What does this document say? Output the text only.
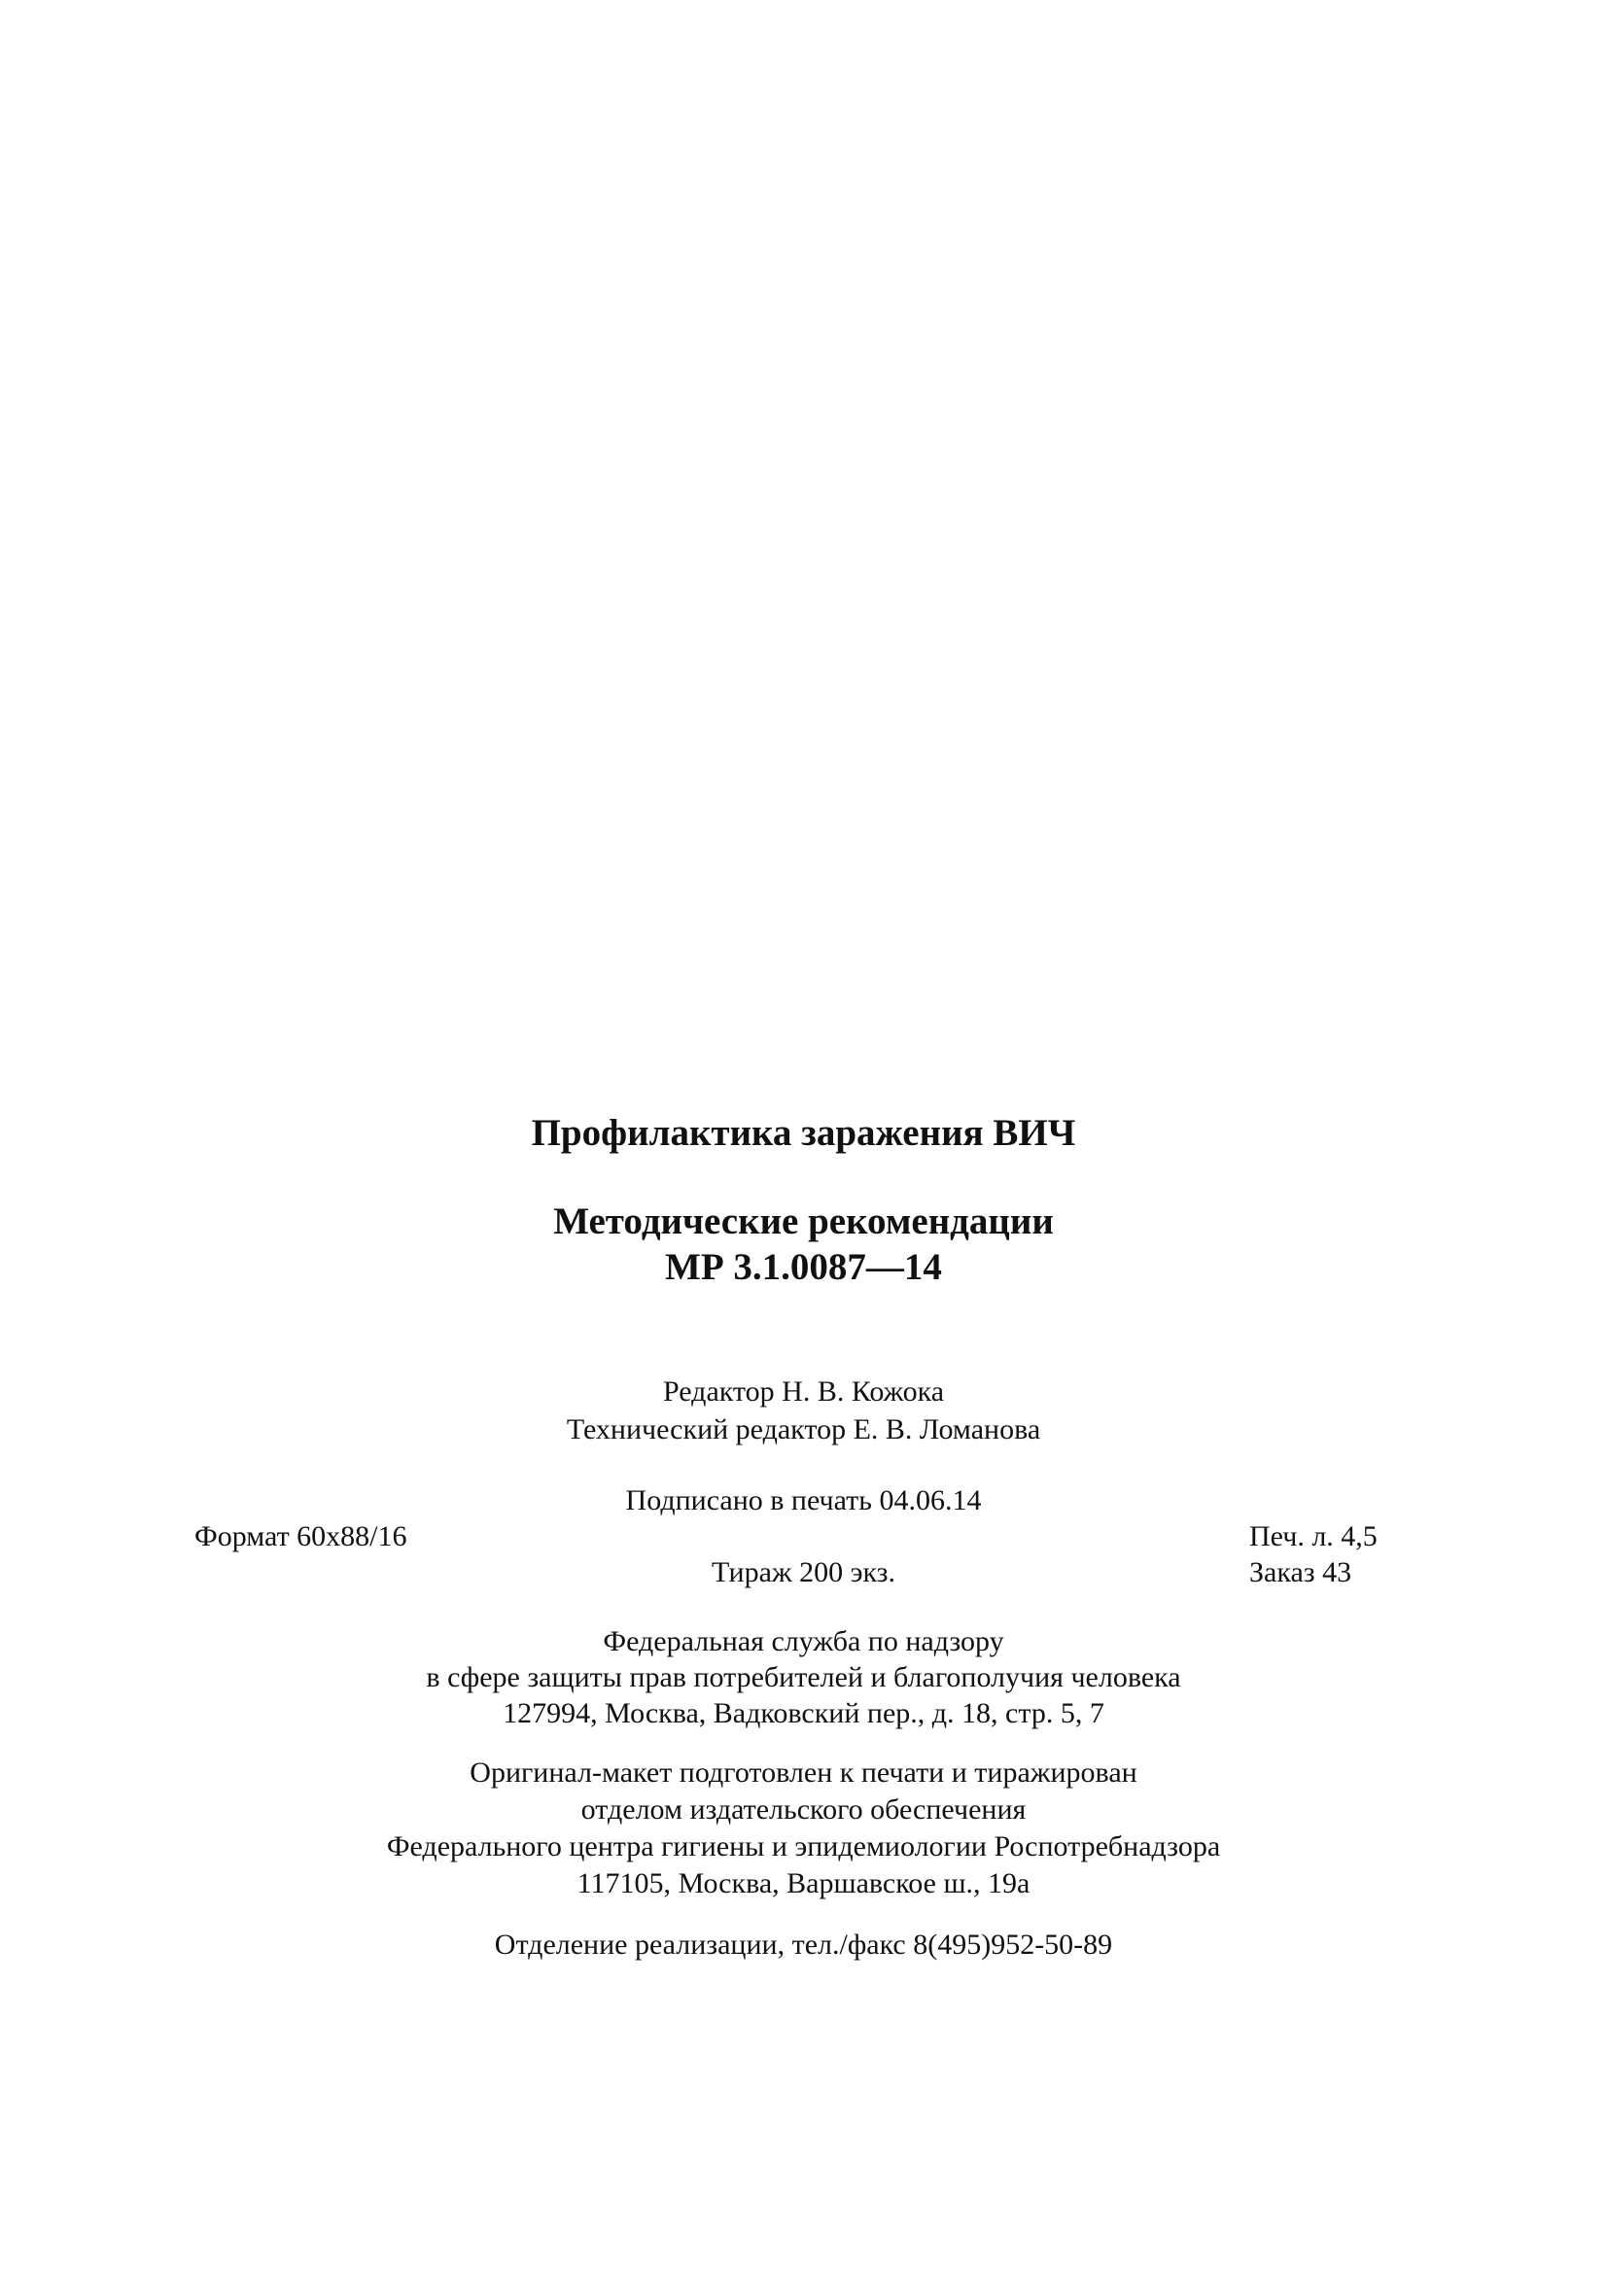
Профилактика заражения ВИЧ
Методические рекомендации
МР 3.1.0087—14
Редактор Н. В. Кожока
Технический редактор Е. В. Ломанова
Подписано в печать 04.06.14
Формат 60x88/16	Печ. л. 4,5
Тираж 200 экз.	Заказ 43
Федеральная служба по надзору
в сфере защиты прав потребителей и благополучия человека
127994, Москва, Вадковский пер., д. 18, стр. 5, 7
Оригинал-макет подготовлен к печати и тиражирован
отделом издательского обеспечения
Федерального центра гигиены и эпидемиологии Роспотребнадзора
117105, Москва, Варшавское ш., 19а
Отделение реализации, тел./факс 8(495)952-50-89
